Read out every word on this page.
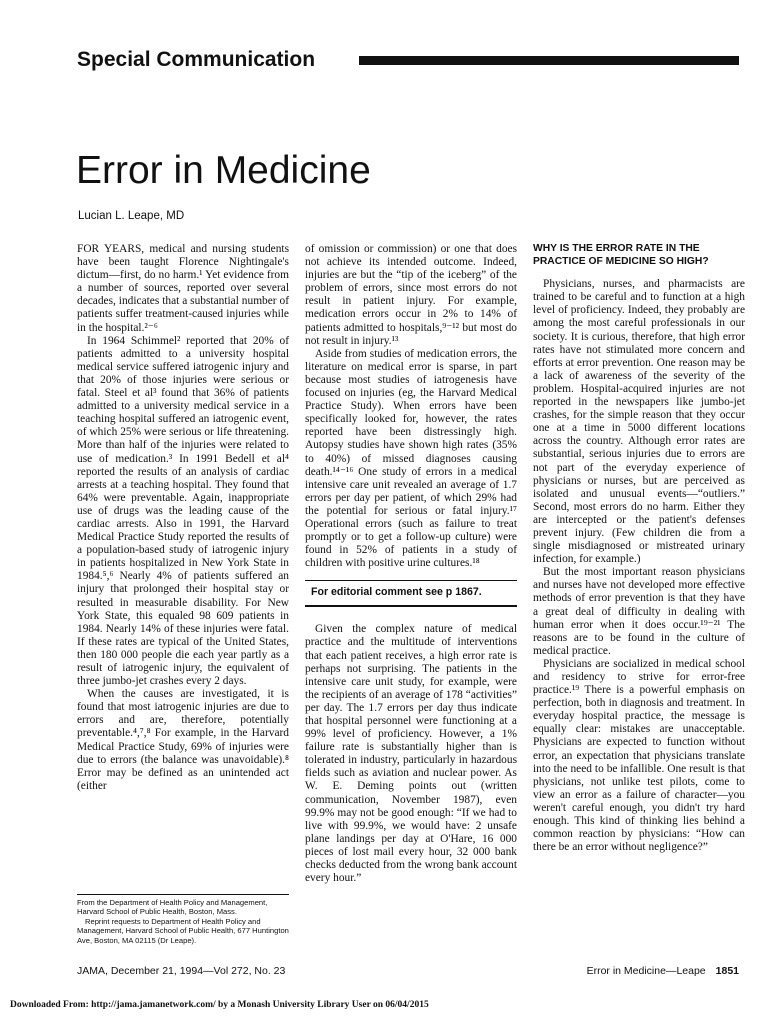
Special Communication
Error in Medicine
Lucian L. Leape, MD

FOR YEARS, medical and nursing students have been taught Florence Nightingale's dictum—first, do no harm.¹ Yet evidence from a number of sources, reported over several decades, indicates that a substantial number of patients suffer treatment-caused injuries while in the hospital.²⁻⁶

In 1964 Schimmel² reported that 20% of patients admitted to a university hospital medical service suffered iatrogenic injury and that 20% of those injuries were serious or fatal. Steel et al³ found that 36% of patients admitted to a university medical service in a teaching hospital suffered an iatrogenic event, of which 25% were serious or life threatening. More than half of the injuries were related to use of medication.³ In 1991 Bedell et al⁴ reported the results of an analysis of cardiac arrests at a teaching hospital. They found that 64% were preventable. Again, inappropriate use of drugs was the leading cause of the cardiac arrests. Also in 1991, the Harvard Medical Practice Study reported the results of a population-based study of iatrogenic injury in patients hospitalized in New York State in 1984.⁵,⁶ Nearly 4% of patients suffered an injury that prolonged their hospital stay or resulted in measurable disability. For New York State, this equaled 98 609 patients in 1984. Nearly 14% of these injuries were fatal. If these rates are typical of the United States, then 180 000 people die each year partly as a result of iatrogenic injury, the equivalent of three jumbo-jet crashes every 2 days.

When the causes are investigated, it is found that most iatrogenic injuries are due to errors and are, therefore, potentially preventable.⁴,⁷,⁸ For example, in the Harvard Medical Practice Study, 69% of injuries were due to errors (the balance was unavoidable).⁸ Error may be defined as an unintended act (either

of omission or commission) or one that does not achieve its intended outcome. Indeed, injuries are but the “tip of the iceberg” of the problem of errors, since most errors do not result in patient injury. For example, medication errors occur in 2% to 14% of patients admitted to hospitals,⁹⁻¹² but most do not result in injury.¹³

Aside from studies of medication errors, the literature on medical error is sparse, in part because most studies of iatrogenesis have focused on injuries (eg, the Harvard Medical Practice Study). When errors have been specifically looked for, however, the rates reported have been distressingly high. Autopsy studies have shown high rates (35% to 40%) of missed diagnoses causing death.¹⁴⁻¹⁶ One study of errors in a medical intensive care unit revealed an average of 1.7 errors per day per patient, of which 29% had the potential for serious or fatal injury.¹⁷ Operational errors (such as failure to treat promptly or to get a follow-up culture) were found in 52% of patients in a study of children with positive urine cultures.¹⁸

For editorial comment see p 1867.

Given the complex nature of medical practice and the multitude of interventions that each patient receives, a high error rate is perhaps not surprising. The patients in the intensive care unit study, for example, were the recipients of an average of 178 “activities” per day. The 1.7 errors per day thus indicate that hospital personnel were functioning at a 99% level of proficiency. However, a 1% failure rate is substantially higher than is tolerated in industry, particularly in hazardous fields such as aviation and nuclear power. As W. E. Deming points out (written communication, November 1987), even 99.9% may not be good enough: “If we had to live with 99.9%, we would have: 2 unsafe plane landings per day at O'Hare, 16 000 pieces of lost mail every hour, 32 000 bank checks deducted from the wrong bank account every hour.”

WHY IS THE ERROR RATE IN THE PRACTICE OF MEDICINE SO HIGH?

Physicians, nurses, and pharmacists are trained to be careful and to function at a high level of proficiency. Indeed, they probably are among the most careful professionals in our society. It is curious, therefore, that high error rates have not stimulated more concern and efforts at error prevention. One reason may be a lack of awareness of the severity of the problem. Hospital-acquired injuries are not reported in the newspapers like jumbo-jet crashes, for the simple reason that they occur one at a time in 5000 different locations across the country. Although error rates are substantial, serious injuries due to errors are not part of the everyday experience of physicians or nurses, but are perceived as isolated and unusual events—“outliers.” Second, most errors do no harm. Either they are intercepted or the patient's defenses prevent injury. (Few children die from a single misdiagnosed or mistreated urinary infection, for example.)

But the most important reason physicians and nurses have not developed more effective methods of error prevention is that they have a great deal of difficulty in dealing with human error when it does occur.¹⁹⁻²¹ The reasons are to be found in the culture of medical practice.

Physicians are socialized in medical school and residency to strive for error-free practice.¹⁹ There is a powerful emphasis on perfection, both in diagnosis and treatment. In everyday hospital practice, the message is equally clear: mistakes are unacceptable. Physicians are expected to function without error, an expectation that physicians translate into the need to be infallible. One result is that physicians, not unlike test pilots, come to view an error as a failure of character—you weren't careful enough, you didn't try hard enough. This kind of thinking lies behind a common reaction by physicians: “How can there be an error without negligence?”

From the Department of Health Policy and Management, Harvard School of Public Health, Boston, Mass.

Reprint requests to Department of Health Policy and Management, Harvard School of Public Health, 677 Huntington Ave, Boston, MA 02115 (Dr Leape).

JAMA, December 21, 1994—Vol 272, No. 23	Error in Medicine—Leape 1851
Downloaded From: http://jama.jamanetwork.com/ by a Monash University Library User on 06/04/2015
